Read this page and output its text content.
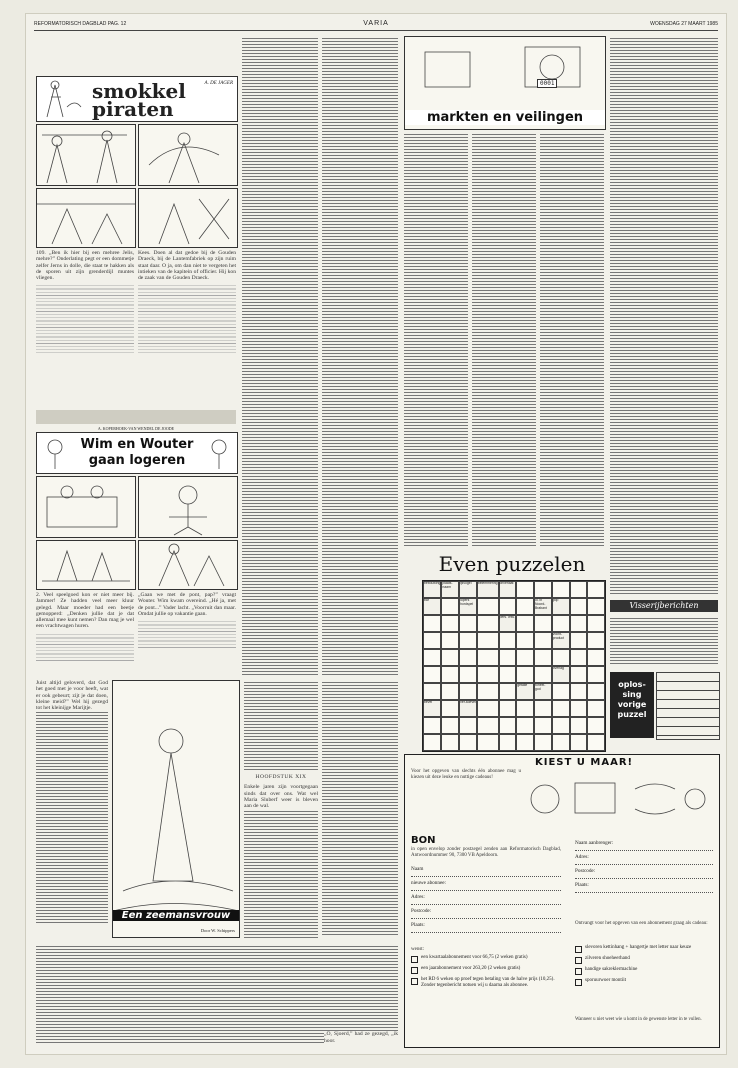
REFORMATORISCH DAGBLAD PAG. 12	VARIA	WOENSDAG 27 MAART 1985
smokkel
piraten
A. DE JAGER
109. „Ben ik hier bij een mehree Jelis, mehre?” Onderlating pegt er een dommetje zelfer Jerns in dolle, die staat te hakken als de sporen uit zijn grenderdijl muntes vliegen.
Kees. Doen al dat gedoe bij de Gouden Draeck, bij de Lantemfabriek op zijn ruim staat daar. O ja, om dan niet te vergeten het intieken van de kapitein of officier. Hij kon de zaak van de Gouden Draeck.
A. KOPERHOEK-VAN WENDEL DE JOODE
Wim en Wouter
gaan logeren
2. Veel speelgoed kon er niet meer bij. Jammer! Ze hadden veel meer kluur gelegd. Maar moeder had een beetje gemopperd: „Denken jullie dat je dat allemaal mee kunt nemen? Dan mag je wel een vrachtwagen huren.
„Gaan we met de pont, pap?” vraagt Wouter. Wim kwam overeind. „Hé ja, met de pont...” Vader lacht. „Voorruit dan maar. Omdat jullie op vakantie gaan.
0001
markten en veilingen
Even puzzelen
bebouwing plaats-naam
ijsvogel	belemmering onverlaat
bar	lopers hordspel
ol. in Noord-Brabant
pop
pers. vnw.
vocht-product
overlag
getalle	toneel-god
bevel	ver-koevel
Visserijberichten
oplos-
sing
vorige
puzzel
Juist altijd geloverd, dat God het goed met je voor heeft, wat er ook gebeurt; zijt je dat doen, kleine meid?” Wel hij gezegd tot het kleinijge Marijtje.
Een zeemansvrouw
Door W. Schippers
HOOFDSTUK XIX
Enkele jaren zijn voortgegaan sinds dat over ons. Wat wel Maria Sluberf weer is bleven aan de wal.
„O, Sjoerd,” had ze gezegd, „ik hoor.
KIEST U MAAR!
Voor het opgeven van slechts één abonnee mag u kiezen uit deze leuke en nuttige cadeaus!
BON
in open envelop zonder postzegel zenden aan Reformatorisch Dagblad, Antwoordnummer 90, 7300 VB Apeldoorn.
Naam
nieuwe abonnee:
Adres:
Postcode:
Plaats:
wenst:
een kwartaalabonnement voor 66,75 (2 weken gratis)
een jaarabonnement voor 263,20 (2 weken gratis)
het RD 6 weken op proef tegen betaling van de halve prijs (10,25). Zonder tegenbericht notuen wij u daarna als abonnee.
Naam aanbrenger:
Adres:
Postcode:
Plaats:
Ontvangt voor het opgeven van een abonnement graag als cadeau:
slevoren kettinhang + hangertje met letter naar keuze
zilveren shoeheerhand
handige sakreklermachine
sporuurwoer montiit
Wanneer u niet weet wie u komt in de gewenste letter in te vullen.
